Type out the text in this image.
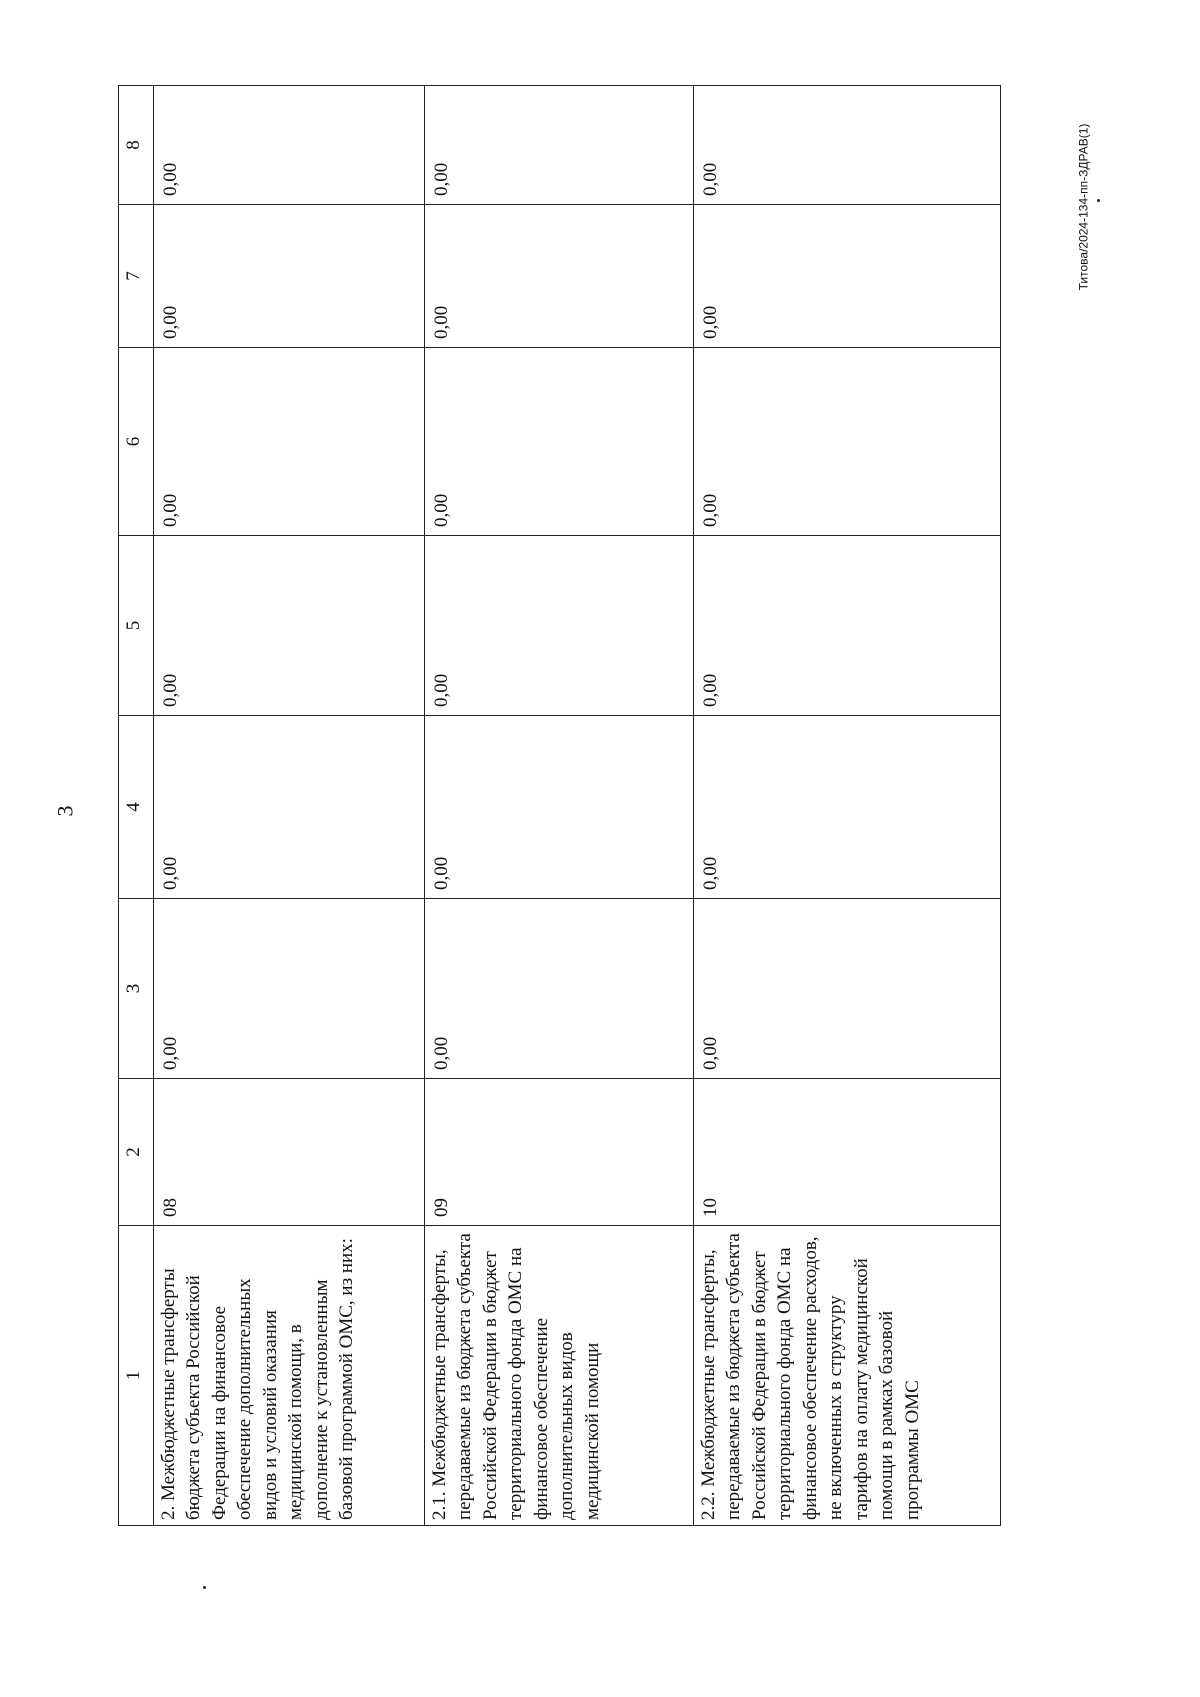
3
Титова/2024-134-пп-ЗДРАВ(1)
1	2	3	4	5	6	7	8
2. Межбюджетные трансферты бюджета субъекта Российской Федерации на финансовое обеспечение дополнительных видов и условий оказания медицинской помощи, в дополнение к установленным базовой программой ОМС, из них:	08	0,00	0,00	0,00	0,00	0,00	0,00
2.1. Межбюджетные трансферты, передаваемые из бюджета субъекта Российской Федерации в бюджет территориального фонда ОМС на финансовое обеспечение дополнительных видов медицинской помощи	09	0,00	0,00	0,00	0,00	0,00	0,00
2.2. Межбюджетные трансферты, передаваемые из бюджета субъекта Российской Федерации в бюджет территориального фонда ОМС на финансовое обеспечение расходов, не включенных в структуру тарифов на оплату медицинской помощи в рамках базовой программы ОМС	10	0,00	0,00	0,00	0,00	0,00	0,00
